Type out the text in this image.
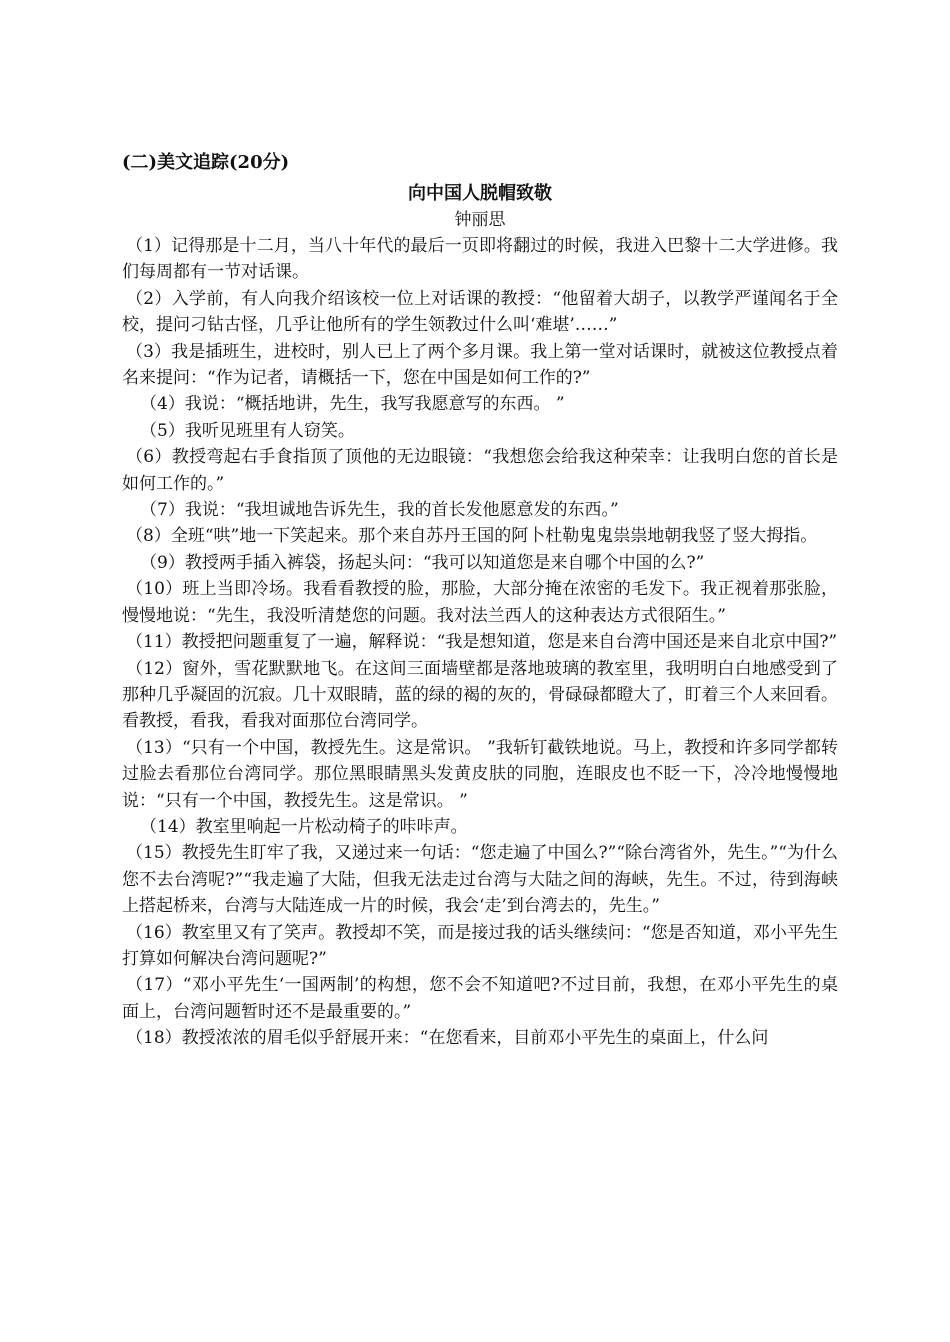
(二)美文追踪(20分)
向中国人脱帽致敬
钟丽思

（1）记得那是十二月，当八十年代的最后一页即将翻过的时候，我进入巴黎十二大学进修。我们每周都有一节对话课。

（2）入学前，有人向我介绍该校一位上对话课的教授：“他留着大胡子，以教学严谨闻名于全校，提问刁钻古怪，几乎让他所有的学生领教过什么叫‘难堪’……”

（3）我是插班生，进校时，别人已上了两个多月课。我上第一堂对话课时，就被这位教授点着名来提问：“作为记者，请概括一下，您在中国是如何工作的?”

（4）我说：“概括地讲，先生，我写我愿意写的东西。 ”

（5）我听见班里有人窃笑。

（6）教授弯起右手食指顶了顶他的无边眼镜：“我想您会给我这种荣幸：让我明白您的首长是如何工作的。”

（7）我说：“我坦诚地告诉先生，我的首长发他愿意发的东西。”

（8）全班“哄”地一下笑起来。那个来自苏丹王国的阿卜杜勒鬼鬼祟祟地朝我竖了竖大拇指。

（9）教授两手插入裤袋，扬起头问：“我可以知道您是来自哪个中国的么?”

（10）班上当即冷场。我看看教授的脸，那脸，大部分掩在浓密的毛发下。我正视着那张脸，慢慢地说：“先生，我没听清楚您的问题。我对法兰西人的这种表达方式很陌生。”

（11）教授把问题重复了一遍，解释说：“我是想知道，您是来自台湾中国还是来自北京中国?”

（12）窗外，雪花默默地飞。在这间三面墙壁都是落地玻璃的教室里，我明明白白地感受到了那种几乎凝固的沉寂。几十双眼睛，蓝的绿的褐的灰的，骨碌碌都瞪大了，盯着三个人来回看。看教授，看我，看我对面那位台湾同学。

（13）“只有一个中国，教授先生。这是常识。 ”我斩钉截铁地说。马上，教授和许多同学都转过脸去看那位台湾同学。那位黑眼睛黑头发黄皮肤的同胞，连眼皮也不眨一下，冷冷地慢慢地说：“只有一个中国，教授先生。这是常识。 ”

（14）教室里响起一片松动椅子的咔咔声。

（15）教授先生盯牢了我，又递过来一句话：“您走遍了中国么?”“除台湾省外，先生。”“为什么您不去台湾呢?”“我走遍了大陆，但我无法走过台湾与大陆之间的海峡，先生。不过，待到海峡上搭起桥来，台湾与大陆连成一片的时候，我会‘走’到台湾去的，先生。”

（16）教室里又有了笑声。教授却不笑，而是接过我的话头继续问：“您是否知道，邓小平先生打算如何解决台湾问题呢?”

（17）“邓小平先生‘一国两制’的构想，您不会不知道吧?不过目前，我想，在邓小平先生的桌面上，台湾问题暂时还不是最重要的。”

（18）教授浓浓的眉毛似乎舒展开来：“在您看来，目前邓小平先生的桌面上，什么问
